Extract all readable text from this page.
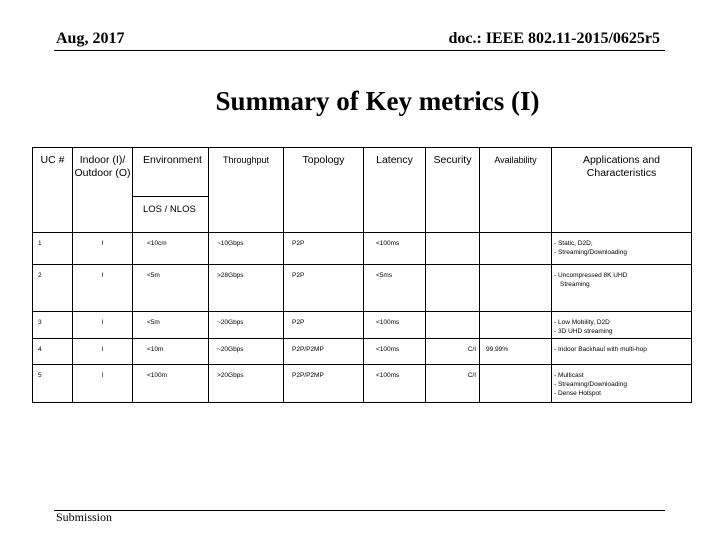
Aug, 2017	doc.: IEEE 802.11-2015/0625r5
Summary of Key metrics (I)
UC #	Indoor (I)/ Outdoor (O)	Environment	Throughput	Topology	Latency	Security	Availability	Applications and Characteristics
		LOS / NLOS						
1	I	<10cm	~10Gbps	P2P	<100ms			- Static, D2D,
- Streaming/Downloading

2	I	<5m	>28Gbps	P2P	<5ms			- Uncompressed 8K UHD
Streaming

3	I	<5m	~20Gbps	P2P	<100ms			- Low Mobility, D2D
- 3D UHD streaming

4	I	<10m	~20Gbps	P2P/P2MP	<100ms	C/I	99.99%	- Indoor Backhaul with multi-hop

5	I	<100m	>20Gbps	P2P/P2MP	<100ms	C/I		- Multicast
- Streaming/Downloading
- Dense Hotspot
Submission
